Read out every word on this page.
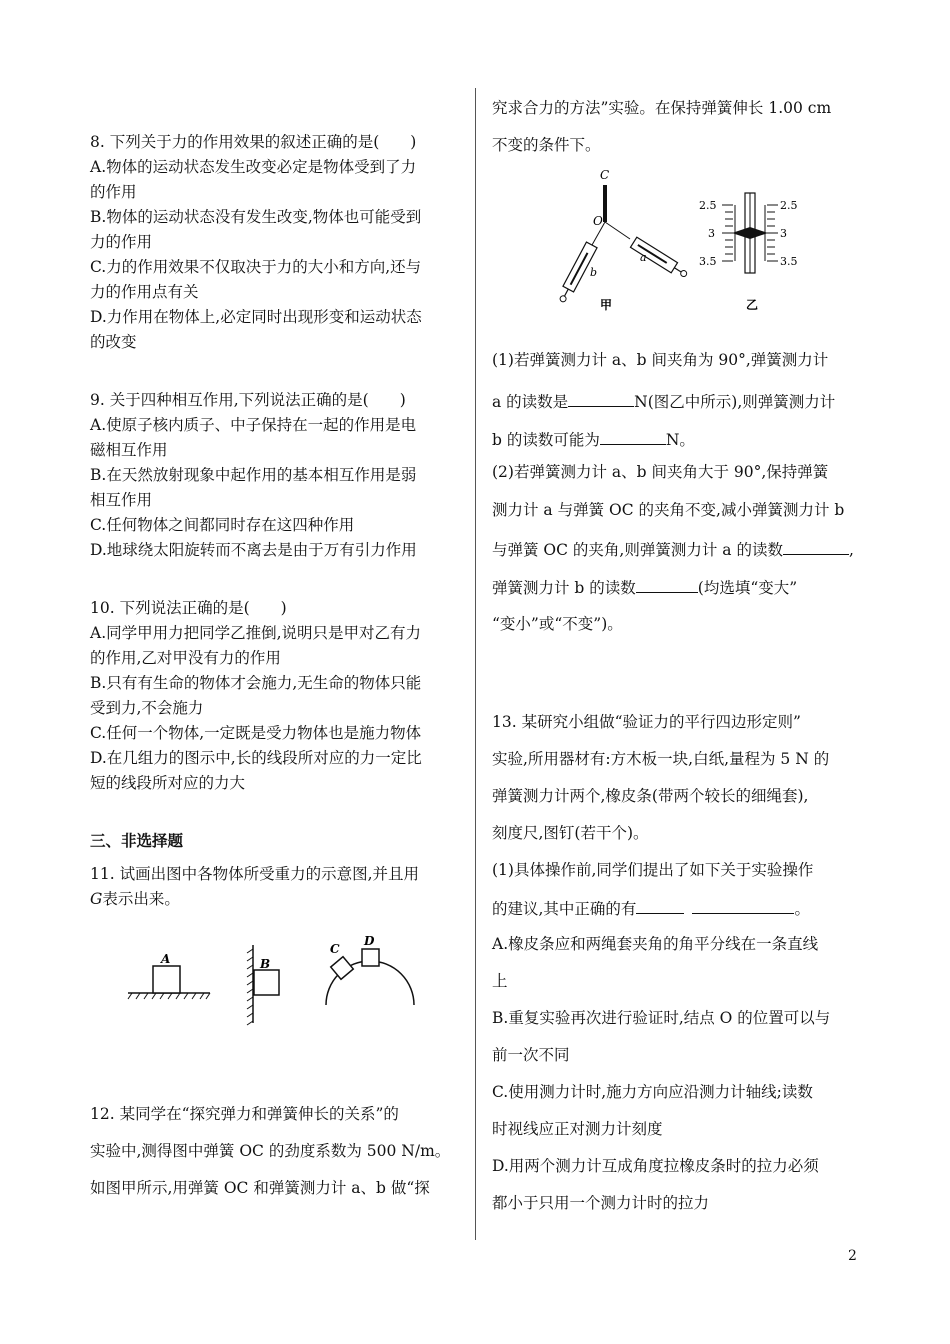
8. 下列关于力的作用效果的叙述正确的是(　　)
A.物体的运动状态发生改变必定是物体受到了力
的作用
B.物体的运动状态没有发生改变,物体也可能受到
力的作用
C.力的作用效果不仅取决于力的大小和方向,还与
力的作用点有关
D.力作用在物体上,必定同时出现形变和运动状态
的改变
9. 关于四种相互作用,下列说法正确的是(　　)
A.使原子核内质子、中子保持在一起的作用是电
磁相互作用
B.在天然放射现象中起作用的基本相互作用是弱
相互作用
C.任何物体之间都同时存在这四种作用
D.地球绕太阳旋转而不离去是由于万有引力作用
10. 下列说法正确的是(　　)
A.同学甲用力把同学乙推倒,说明只是甲对乙有力
的作用,乙对甲没有力的作用
B.只有有生命的物体才会施力,无生命的物体只能
受到力,不会施力
C.任何一个物体,一定既是受力物体也是施力物体
D.在几组力的图示中,长的线段所对应的力一定比
短的线段所对应的力大
三、非选择题
11. 试画出图中各物体所受重力的示意图,并且用
G表示出来。
A	B
C
D
12. 某同学在“探究弹力和弹簧伸长的关系”的
实验中,测得图中弹簧 OC 的劲度系数为 500 N/m。
如图甲所示,用弹簧 OC 和弹簧测力计 a、b 做“探
究求合力的方法”实验。在保持弹簧伸长 1.00 cm
不变的条件下。
C
O
b
a
甲
2.5
3
3.5
2.5
3
3.5
乙
(1)若弹簧测力计 a、b 间夹角为 90°,弹簧测力计
a 的读数是	N(图乙中所示),则弹簧测力计
b 的读数可能为	N。
(2)若弹簧测力计 a、b 间夹角大于 90°,保持弹簧
测力计 a 与弹簧 OC 的夹角不变,减小弹簧测力计 b
与弹簧 OC 的夹角,则弹簧测力计 a 的读数	,
弹簧测力计 b 的读数	(均选填“变大”
“变小”或“不变”)。
13. 某研究小组做“验证力的平行四边形定则”
实验,所用器材有:方木板一块,白纸,量程为 5 N 的
弹簧测力计两个,橡皮条(带两个较长的细绳套),
刻度尺,图钉(若干个)。
(1)具体操作前,同学们提出了如下关于实验操作
的建议,其中正确的有	。
A.橡皮条应和两绳套夹角的角平分线在一条直线
上
B.重复实验再次进行验证时,结点 O 的位置可以与
前一次不同
C.使用测力计时,施力方向应沿测力计轴线;读数
时视线应正对测力计刻度
D.用两个测力计互成角度拉橡皮条时的拉力必须
都小于只用一个测力计时的拉力
2
